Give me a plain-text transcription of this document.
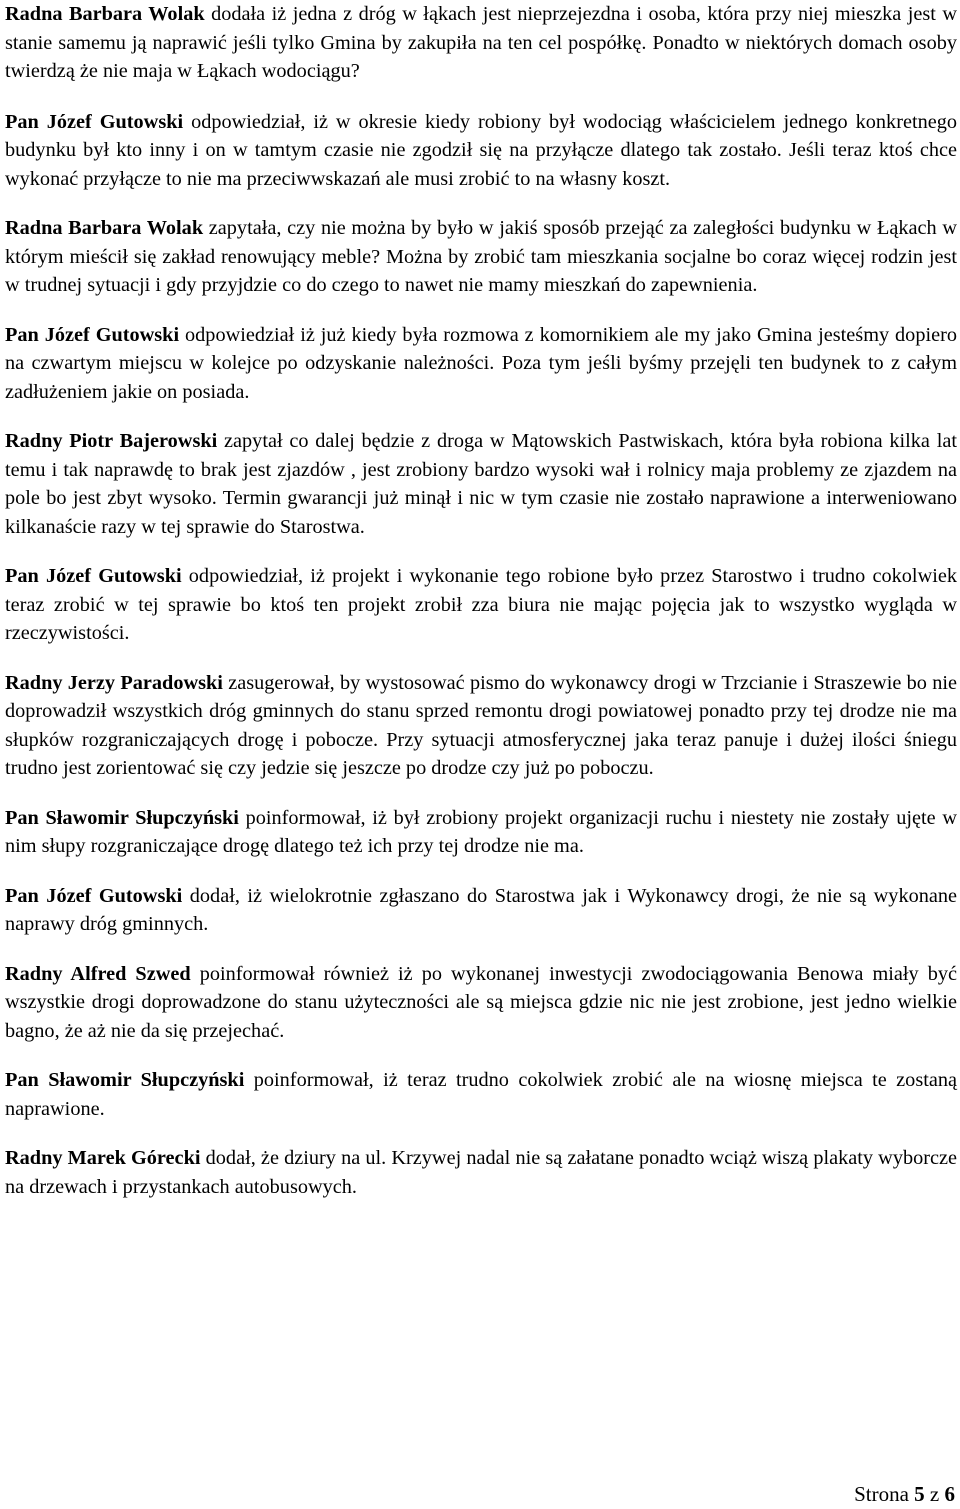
Radna Barbara Wolak dodała iż jedna z dróg w łąkach jest nieprzejezdna i osoba, która przy niej mieszka jest w stanie samemu ją naprawić jeśli tylko Gmina by zakupiła na ten cel pospółkę. Ponadto w niektórych domach osoby twierdzą że nie maja w Łąkach wodociągu?

Pan Józef Gutowski odpowiedział, iż w okresie kiedy robiony był wodociąg właścicielem jednego konkretnego budynku był kto inny i on w tamtym czasie nie zgodził się na przyłącze dlatego tak zostało. Jeśli teraz ktoś chce wykonać przyłącze to nie ma przeciwwskazań ale musi zrobić to na własny koszt.

Radna Barbara Wolak zapytała, czy nie można by było w jakiś sposób przejąć za zaległości budynku w Łąkach w którym mieścił się zakład renowujący meble? Można by zrobić tam mieszkania socjalne bo coraz więcej rodzin jest w trudnej sytuacji i gdy przyjdzie co do czego to nawet nie mamy mieszkań do zapewnienia.

Pan Józef Gutowski odpowiedział iż już kiedy była rozmowa z komornikiem ale my jako Gmina jesteśmy dopiero na czwartym miejscu w kolejce po odzyskanie należności. Poza tym jeśli byśmy przejęli ten budynek to z całym zadłużeniem jakie on posiada.

Radny Piotr Bajerowski zapytał co dalej będzie z droga w Mątowskich Pastwiskach, która była robiona kilka lat temu i tak naprawdę to brak jest zjazdów , jest zrobiony bardzo wysoki wał i rolnicy maja problemy ze zjazdem na pole bo jest zbyt wysoko. Termin gwarancji już minął i nic w tym czasie nie zostało naprawione a interweniowano kilkanaście razy w tej sprawie do Starostwa.

Pan Józef Gutowski odpowiedział, iż projekt i wykonanie tego robione było przez Starostwo i trudno cokolwiek teraz zrobić w tej sprawie bo ktoś ten projekt zrobił zza biura nie mając pojęcia jak to wszystko wygląda w rzeczywistości.

Radny Jerzy Paradowski zasugerował, by wystosować pismo do wykonawcy drogi w Trzcianie i Straszewie bo nie doprowadził wszystkich dróg gminnych do stanu sprzed remontu drogi powiatowej ponadto przy tej drodze nie ma słupków rozgraniczających drogę i pobocze. Przy sytuacji atmosferycznej jaka teraz panuje i dużej ilości śniegu trudno jest zorientować się czy jedzie się jeszcze po drodze czy już po poboczu.

Pan Sławomir Słupczyński poinformował, iż był zrobiony projekt organizacji ruchu i niestety nie zostały ujęte w nim słupy rozgraniczające drogę dlatego też ich przy tej drodze nie ma.

Pan Józef Gutowski dodał, iż wielokrotnie zgłaszano do Starostwa jak i Wykonawcy drogi, że nie są wykonane naprawy dróg gminnych.

Radny Alfred Szwed poinformował również iż po wykonanej inwestycji zwodociągowania Benowa miały być wszystkie drogi doprowadzone do stanu użyteczności ale są miejsca gdzie nic nie jest zrobione, jest jedno wielkie bagno, że aż nie da się przejechać.

Pan Sławomir Słupczyński poinformował, iż teraz trudno cokolwiek zrobić ale na wiosnę miejsca te zostaną naprawione.

Radny Marek Górecki dodał, że dziury na ul. Krzywej nadal nie są załatane ponadto wciąż wiszą plakaty wyborcze na drzewach i przystankach autobusowych.

Strona 5 z 6
